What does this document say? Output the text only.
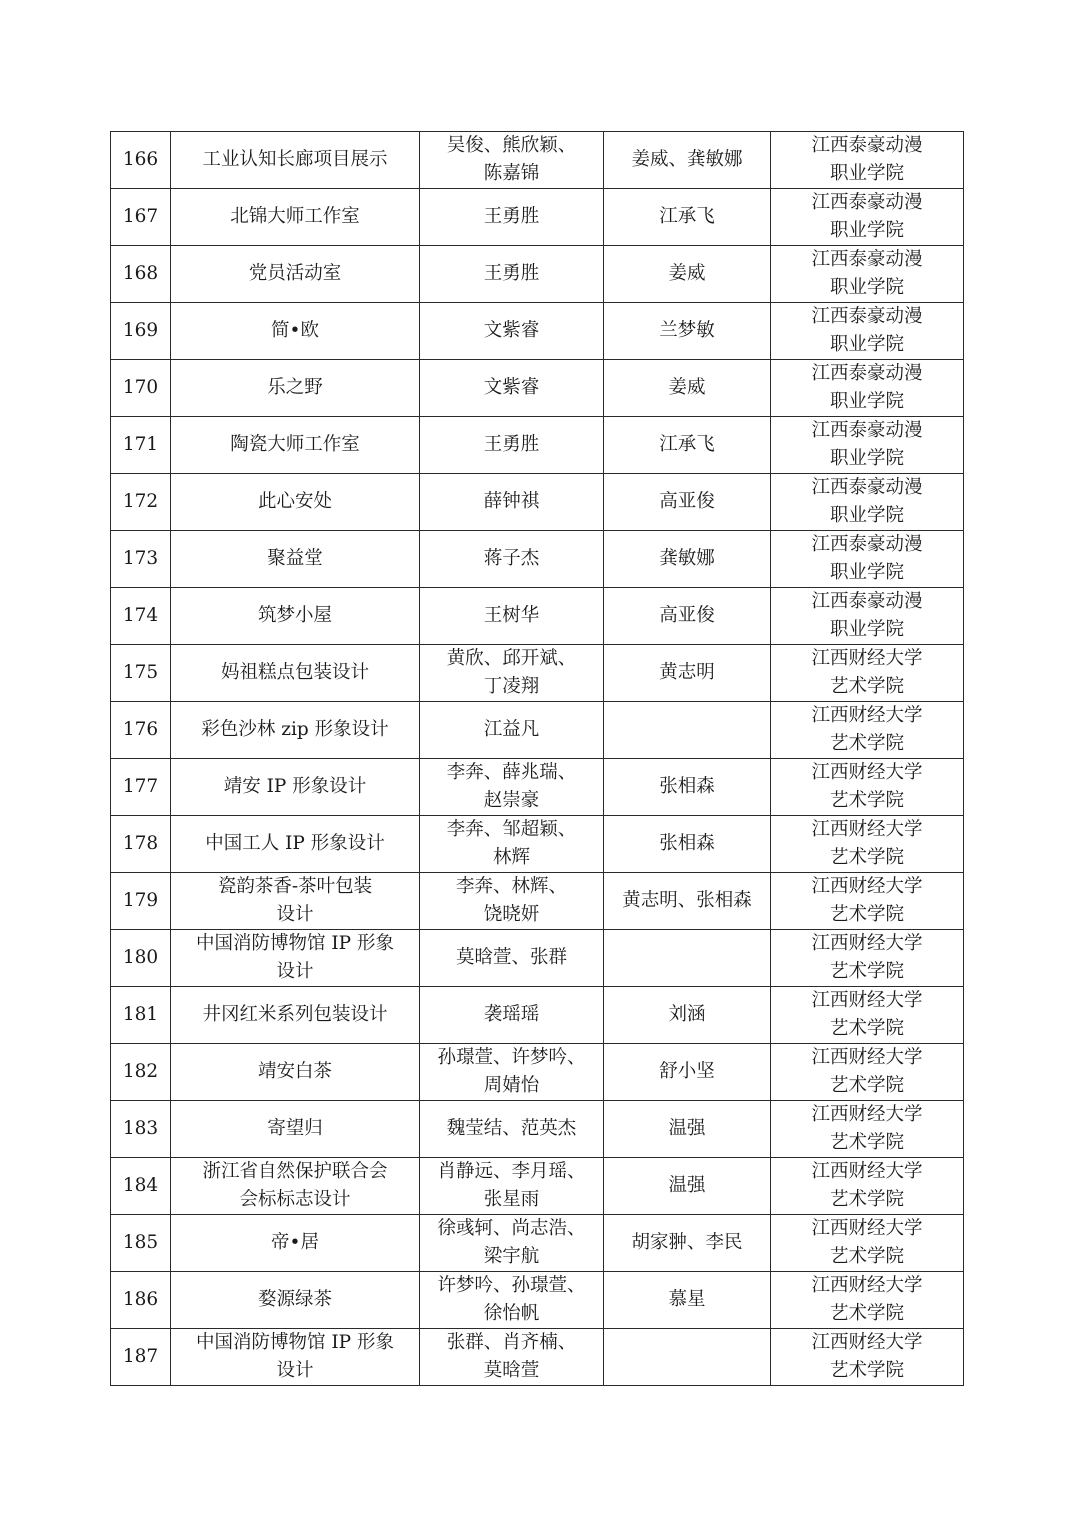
166	工业认知长廊项目展示	吴俊、熊欣颖、
陈嘉锦	姜威、龚敏娜	江西泰豪动漫
职业学院
167	北锦大师工作室	王勇胜	江承飞	江西泰豪动漫
职业学院
168	党员活动室	王勇胜	姜威	江西泰豪动漫
职业学院
169	简•欧	文紫睿	兰梦敏	江西泰豪动漫
职业学院
170	乐之野	文紫睿	姜威	江西泰豪动漫
职业学院
171	陶瓷大师工作室	王勇胜	江承飞	江西泰豪动漫
职业学院
172	此心安处	薛钟祺	高亚俊	江西泰豪动漫
职业学院
173	聚益堂	蒋子杰	龚敏娜	江西泰豪动漫
职业学院
174	筑梦小屋	王树华	高亚俊	江西泰豪动漫
职业学院
175	妈祖糕点包装设计	黄欣、邱开斌、
丁凌翔	黄志明	江西财经大学
艺术学院
176	彩色沙林 zip 形象设计	江益凡		江西财经大学
艺术学院
177	靖安 IP 形象设计	李奔、薛兆瑞、
赵崇豪	张相森	江西财经大学
艺术学院
178	中国工人 IP 形象设计	李奔、邹超颖、
林辉	张相森	江西财经大学
艺术学院
179	瓷韵茶香-茶叶包装
设计	李奔、林辉、
饶晓妍	黄志明、张相森	江西财经大学
艺术学院
180	中国消防博物馆 IP 形象
设计	莫晗萱、张群		江西财经大学
艺术学院
181	井冈红米系列包装设计	袭瑶瑶	刘涵	江西财经大学
艺术学院
182	靖安白茶	孙璟萱、许梦吟、
周婧怡	舒小坚	江西财经大学
艺术学院
183	寄望归	魏莹结、范英杰	温强	江西财经大学
艺术学院
184	浙江省自然保护联合会
会标标志设计	肖静远、李月瑶、
张星雨	温强	江西财经大学
艺术学院
185	帝•居	徐彧轲、尚志浩、
梁宇航	胡家翀、李民	江西财经大学
艺术学院
186	婺源绿茶	许梦吟、孙璟萱、
徐怡帆	慕星	江西财经大学
艺术学院
187	中国消防博物馆 IP 形象
设计	张群、肖齐楠、
莫晗萱		江西财经大学
艺术学院
